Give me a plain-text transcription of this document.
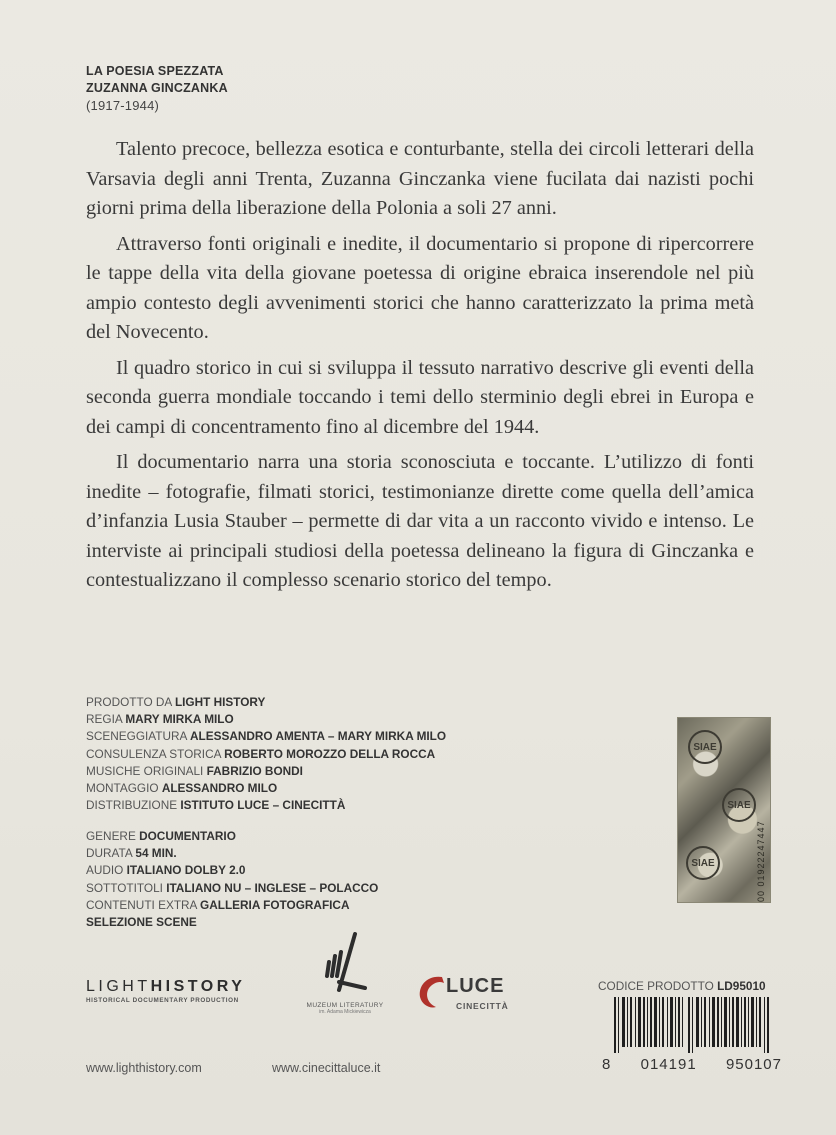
LA POESIA SPEZZATA
ZUZANNA GINCZANKA
(1917-1944)

Talento precoce, bellezza esotica e conturbante, stella dei circoli letterari della Varsavia degli anni Trenta, Zuzanna Ginczanka viene fucilata dai nazisti pochi giorni prima della liberazione della Polonia a soli 27 anni.

Attraverso fonti originali e inedite, il documentario si propone di ripercorrere le tappe della vita della giovane poetessa di origine ebraica inserendole nel più ampio contesto degli avvenimenti storici che hanno caratterizzato la prima metà del Novecento.

Il quadro storico in cui si sviluppa il tessuto narrativo descrive gli eventi della seconda guerra mondiale toccando i temi dello sterminio degli ebrei in Europa e dei campi di concentramento fino al dicembre del 1944.

Il documentario narra una storia sconosciuta e toccante. L’utilizzo di fonti inedite – fotografie, filmati storici, testimonianze dirette come quella dell’amica d’infanzia Lusia Stauber – permette di dar vita a un racconto vivido e intenso. Le interviste ai principali studiosi della poetessa delineano la figura di Ginczanka e contestualizzano il complesso scenario storico del tempo.

PRODOTTO DA LIGHT HISTORY
REGIA MARY MIRKA MILO
SCENEGGIATURA ALESSANDRO AMENTA – MARY MIRKA MILO
CONSULENZA STORICA ROBERTO MOROZZO DELLA ROCCA
MUSICHE ORIGINALI FABRIZIO BONDI
MONTAGGIO ALESSANDRO MILO
DISTRIBUZIONE ISTITUTO LUCE – CINECITTÀ
GENERE DOCUMENTARIO
DURATA 54 MIN.
AUDIO ITALIANO DOLBY 2.0
SOTTOTITOLI ITALIANO NU – INGLESE – POLACCO
CONTENUTI EXTRA GALLERIA FOTOGRAFICA
SELEZIONE SCENE
SIAE
SIAE
SIAE	00 01922247447
LIGHTHISTORY
HISTORICAL DOCUMENTARY PRODUCTION
MUZEUM LITERATURY
im. Adama Mickiewicza
LUCE
CINECITTÀ
CODICE PRODOTTO LD95010
8 014191 950107
www.lighthistory.com	www.cinecittaluce.it
